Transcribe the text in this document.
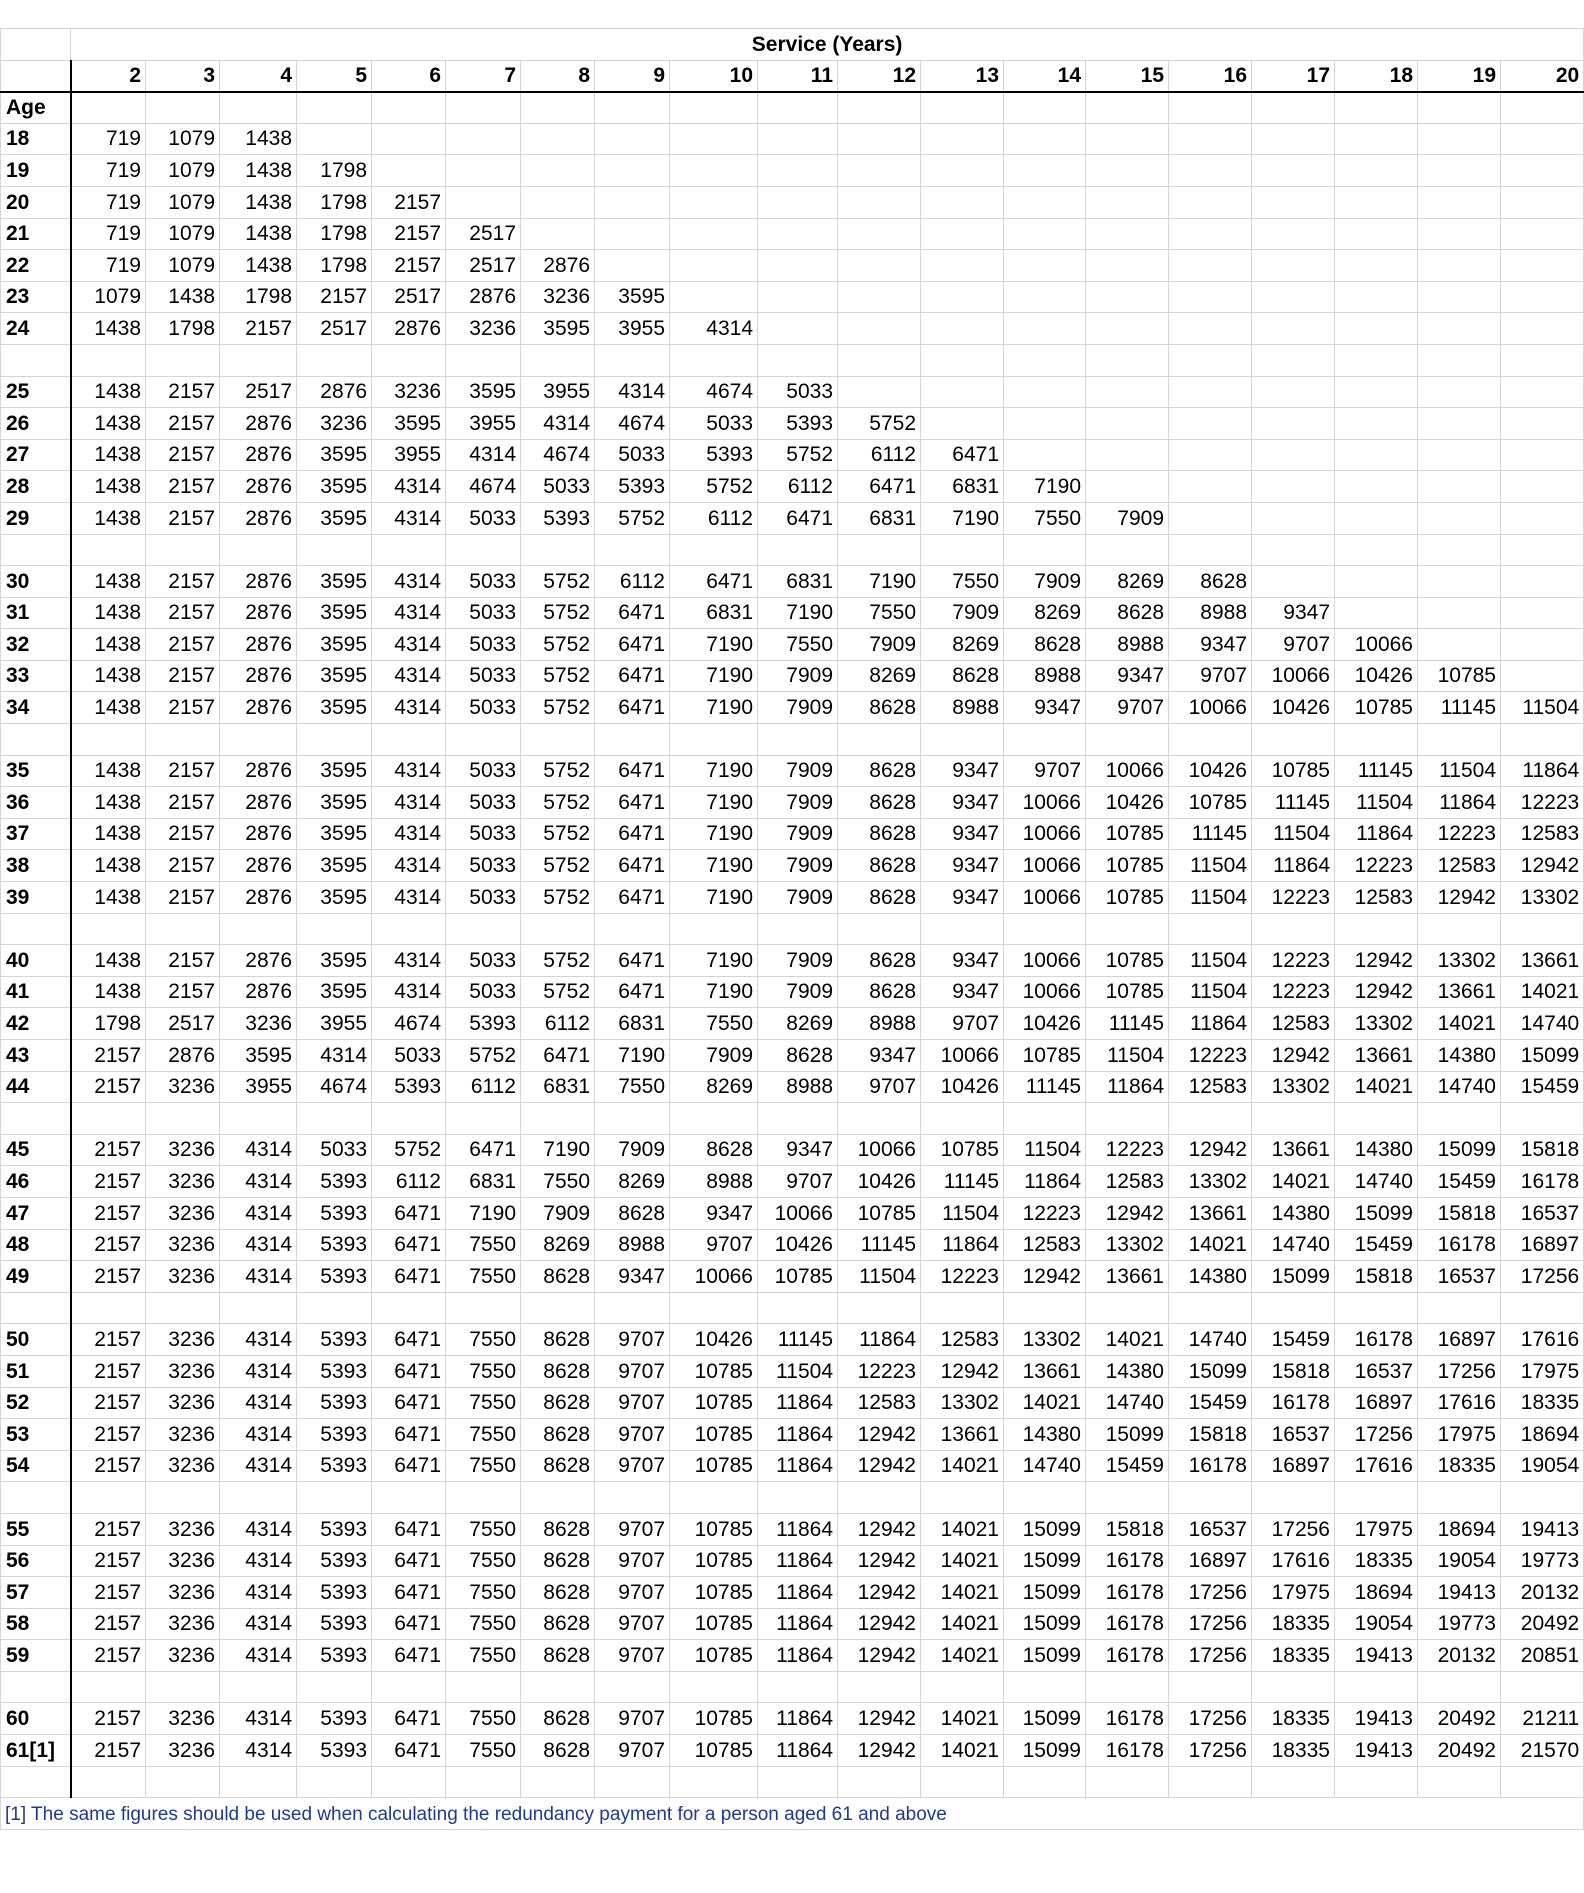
	Service (Years)																		
	2	3	4	5	6	7	8	9	10	11	12	13	14	15	16	17	18	19	20
Age																			
18	719	1079	1438																
19	719	1079	1438	1798															
20	719	1079	1438	1798	2157														
21	719	1079	1438	1798	2157	2517													
22	719	1079	1438	1798	2157	2517	2876												
23	1079	1438	1798	2157	2517	2876	3236	3595											
24	1438	1798	2157	2517	2876	3236	3595	3955	4314										

25	1438	2157	2517	2876	3236	3595	3955	4314	4674	5033									
26	1438	2157	2876	3236	3595	3955	4314	4674	5033	5393	5752								
27	1438	2157	2876	3595	3955	4314	4674	5033	5393	5752	6112	6471							
28	1438	2157	2876	3595	4314	4674	5033	5393	5752	6112	6471	6831	7190						
29	1438	2157	2876	3595	4314	5033	5393	5752	6112	6471	6831	7190	7550	7909					

30	1438	2157	2876	3595	4314	5033	5752	6112	6471	6831	7190	7550	7909	8269	8628				
31	1438	2157	2876	3595	4314	5033	5752	6471	6831	7190	7550	7909	8269	8628	8988	9347			
32	1438	2157	2876	3595	4314	5033	5752	6471	7190	7550	7909	8269	8628	8988	9347	9707	10066		
33	1438	2157	2876	3595	4314	5033	5752	6471	7190	7909	8269	8628	8988	9347	9707	10066	10426	10785	
34	1438	2157	2876	3595	4314	5033	5752	6471	7190	7909	8628	8988	9347	9707	10066	10426	10785	11145	11504

35	1438	2157	2876	3595	4314	5033	5752	6471	7190	7909	8628	9347	9707	10066	10426	10785	11145	11504	11864
36	1438	2157	2876	3595	4314	5033	5752	6471	7190	7909	8628	9347	10066	10426	10785	11145	11504	11864	12223
37	1438	2157	2876	3595	4314	5033	5752	6471	7190	7909	8628	9347	10066	10785	11145	11504	11864	12223	12583
38	1438	2157	2876	3595	4314	5033	5752	6471	7190	7909	8628	9347	10066	10785	11504	11864	12223	12583	12942
39	1438	2157	2876	3595	4314	5033	5752	6471	7190	7909	8628	9347	10066	10785	11504	12223	12583	12942	13302

40	1438	2157	2876	3595	4314	5033	5752	6471	7190	7909	8628	9347	10066	10785	11504	12223	12942	13302	13661
41	1438	2157	2876	3595	4314	5033	5752	6471	7190	7909	8628	9347	10066	10785	11504	12223	12942	13661	14021
42	1798	2517	3236	3955	4674	5393	6112	6831	7550	8269	8988	9707	10426	11145	11864	12583	13302	14021	14740
43	2157	2876	3595	4314	5033	5752	6471	7190	7909	8628	9347	10066	10785	11504	12223	12942	13661	14380	15099
44	2157	3236	3955	4674	5393	6112	6831	7550	8269	8988	9707	10426	11145	11864	12583	13302	14021	14740	15459

45	2157	3236	4314	5033	5752	6471	7190	7909	8628	9347	10066	10785	11504	12223	12942	13661	14380	15099	15818
46	2157	3236	4314	5393	6112	6831	7550	8269	8988	9707	10426	11145	11864	12583	13302	14021	14740	15459	16178
47	2157	3236	4314	5393	6471	7190	7909	8628	9347	10066	10785	11504	12223	12942	13661	14380	15099	15818	16537
48	2157	3236	4314	5393	6471	7550	8269	8988	9707	10426	11145	11864	12583	13302	14021	14740	15459	16178	16897
49	2157	3236	4314	5393	6471	7550	8628	9347	10066	10785	11504	12223	12942	13661	14380	15099	15818	16537	17256

50	2157	3236	4314	5393	6471	7550	8628	9707	10426	11145	11864	12583	13302	14021	14740	15459	16178	16897	17616
51	2157	3236	4314	5393	6471	7550	8628	9707	10785	11504	12223	12942	13661	14380	15099	15818	16537	17256	17975
52	2157	3236	4314	5393	6471	7550	8628	9707	10785	11864	12583	13302	14021	14740	15459	16178	16897	17616	18335
53	2157	3236	4314	5393	6471	7550	8628	9707	10785	11864	12942	13661	14380	15099	15818	16537	17256	17975	18694
54	2157	3236	4314	5393	6471	7550	8628	9707	10785	11864	12942	14021	14740	15459	16178	16897	17616	18335	19054

55	2157	3236	4314	5393	6471	7550	8628	9707	10785	11864	12942	14021	15099	15818	16537	17256	17975	18694	19413
56	2157	3236	4314	5393	6471	7550	8628	9707	10785	11864	12942	14021	15099	16178	16897	17616	18335	19054	19773
57	2157	3236	4314	5393	6471	7550	8628	9707	10785	11864	12942	14021	15099	16178	17256	17975	18694	19413	20132
58	2157	3236	4314	5393	6471	7550	8628	9707	10785	11864	12942	14021	15099	16178	17256	18335	19054	19773	20492
59	2157	3236	4314	5393	6471	7550	8628	9707	10785	11864	12942	14021	15099	16178	17256	18335	19413	20132	20851

60	2157	3236	4314	5393	6471	7550	8628	9707	10785	11864	12942	14021	15099	16178	17256	18335	19413	20492	21211
61[1]	2157	3236	4314	5393	6471	7550	8628	9707	10785	11864	12942	14021	15099	16178	17256	18335	19413	20492	21570

[1] The same figures should be used when calculating the redundancy payment for a person aged 61 and above																			
